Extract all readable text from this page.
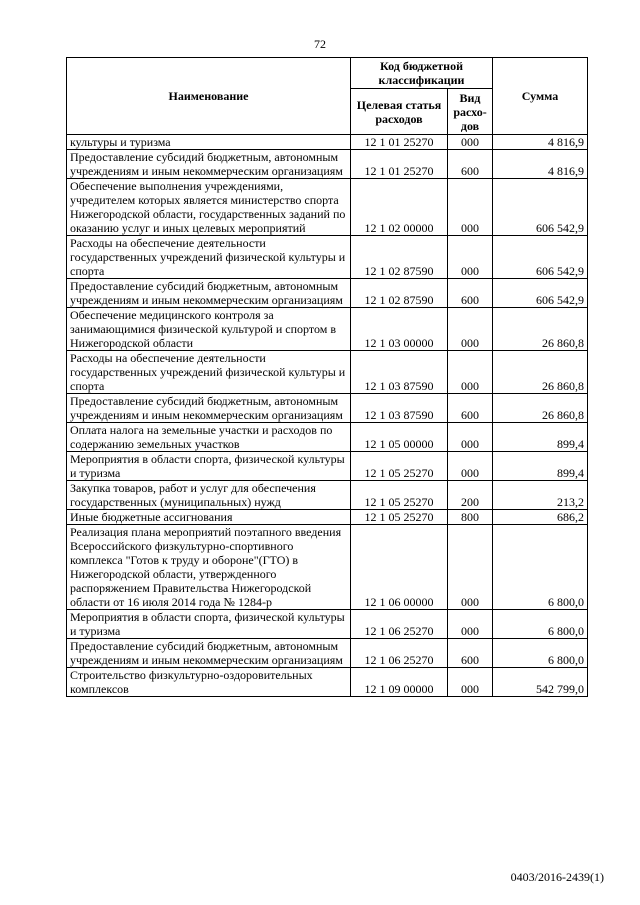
72
Наименование	Код бюджетной классификации		Сумма
	Целевая статья расходов	Вид расхо-дов	
культуры и туризма	12 1 01 25270	000	4 816,9
Предоставление субсидий бюджетным, автономным учреждениям и иным некоммерческим организациям	12 1 01 25270	600	4 816,9
Обеспечение выполнения учреждениями, учредителем которых является министерство спорта Нижегородской области, государственных заданий по оказанию услуг и иных целевых мероприятий	12 1 02 00000	000	606 542,9
Расходы на обеспечение деятельности государственных учреждений физической культуры и спорта	12 1 02 87590	000	606 542,9
Предоставление субсидий бюджетным, автономным учреждениям и иным некоммерческим организациям	12 1 02 87590	600	606 542,9
Обеспечение медицинского контроля за занимающимися физической культурой и спортом в Нижегородской области	12 1 03 00000	000	26 860,8
Расходы на обеспечение деятельности государственных учреждений физической культуры и спорта	12 1 03 87590	000	26 860,8
Предоставление субсидий бюджетным, автономным учреждениям и иным некоммерческим организациям	12 1 03 87590	600	26 860,8
Оплата налога на земельные участки и расходов по содержанию земельных участков	12 1 05 00000	000	899,4
Мероприятия в области спорта, физической культуры и туризма	12 1 05 25270	000	899,4
Закупка товаров, работ и услуг для обеспечения государственных (муниципальных) нужд	12 1 05 25270	200	213,2
Иные бюджетные ассигнования	12 1 05 25270	800	686,2
Реализация плана мероприятий поэтапного введения Всероссийского физкультурно-спортивного комплекса "Готов к труду и обороне"(ГТО) в Нижегородской области, утвержденного распоряжением Правительства Нижегородской области от 16 июля 2014 года № 1284-р	12 1 06 00000	000	6 800,0
Мероприятия в области спорта, физической культуры и туризма	12 1 06 25270	000	6 800,0
Предоставление субсидий бюджетным, автономным учреждениям и иным некоммерческим организациям	12 1 06 25270	600	6 800,0
Строительство физкультурно-оздоровительных комплексов	12 1 09 00000	000	542 799,0
0403/2016-2439(1)
